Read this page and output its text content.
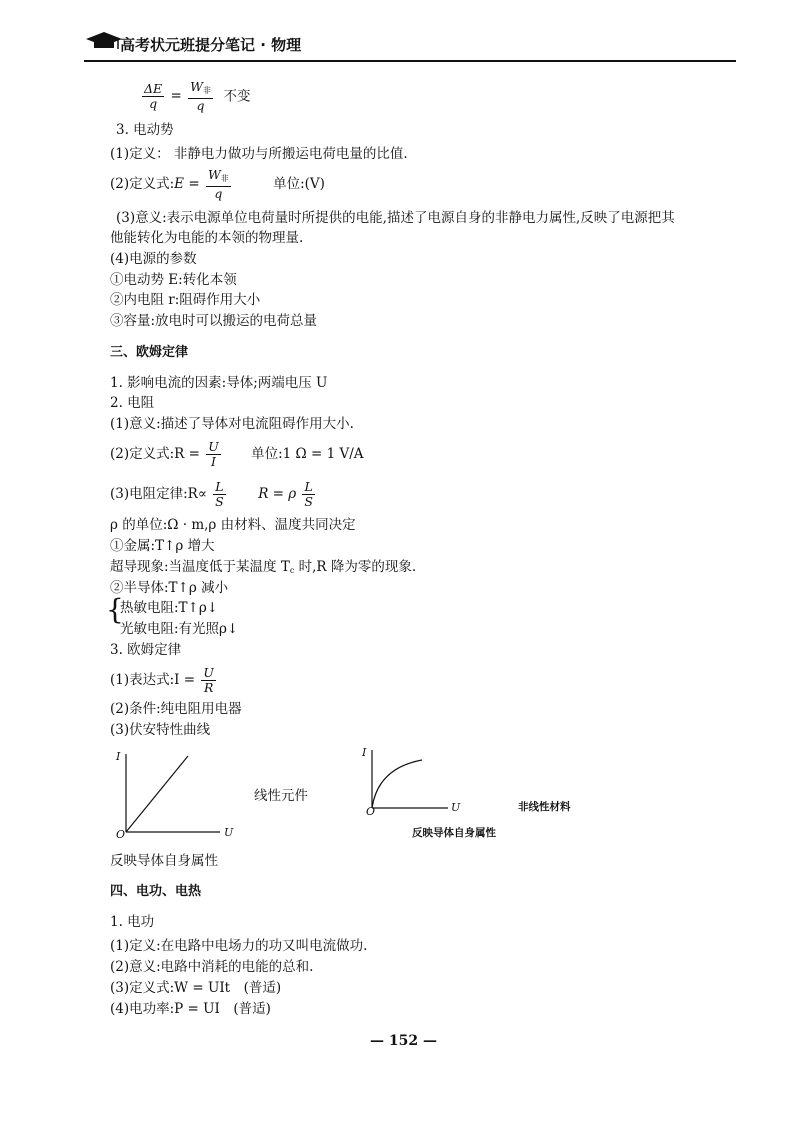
高考状元班提分笔记 · 物理
$\frac{\Delta E}{q} = \frac{W_非}{q}$ 不变
3. 电动势
(1)定义： 非静电力做功与所搬运电荷电量的比值.
(2)定义式:E = $\frac{W_非}{q}$	单位:(V)
(3)意义:表示电源单位电荷量时所提供的电能,描述了电源自身的非静电力属性,反映了电源把其
他能转化为电能的本领的物理量.
(4)电源的参数
①电动势 E:转化本领
②内电阻 r:阻碍作用大小
③容量:放电时可以搬运的电荷总量
三、欧姆定律
1. 影响电流的因素:导体;两端电压 U
2. 电阻
(1)意义:描述了导体对电流阻碍作用大小.
(2)定义式:R = $\frac{U}{I}$ 单位:1 Ω = 1 V/A
(3)电阻定律:R∝ $\frac{L}{S}$ R = ρ $\frac{L}{S}$
ρ 的单位:Ω · m,ρ 由材料、温度共同决定
①金属:T↑ρ 增大
超导现象:当温度低于某温度 $T_c$ 时,R 降为零的现象.
②半导体:T↑ρ 减小
{
热敏电阻:T↑ρ↓
光敏电阻:有光照ρ↓
3. 欧姆定律
(1)表达式:I = $\frac{U}{R}$
(2)条件:纯电阻用电器
(3)伏安特性曲线
I
U
O
线性元件
反映导体自身属性
I
U
O	非线性材料
反映导体自身属性
四、电功、电热
1. 电功
(1)定义:在电路中电场力的功又叫电流做功.
(2)意义:电路中消耗的电能的总和.
(3)定义式:W = UIt　(普适)
(4)电功率:P = UI　(普适)
— 152 —
